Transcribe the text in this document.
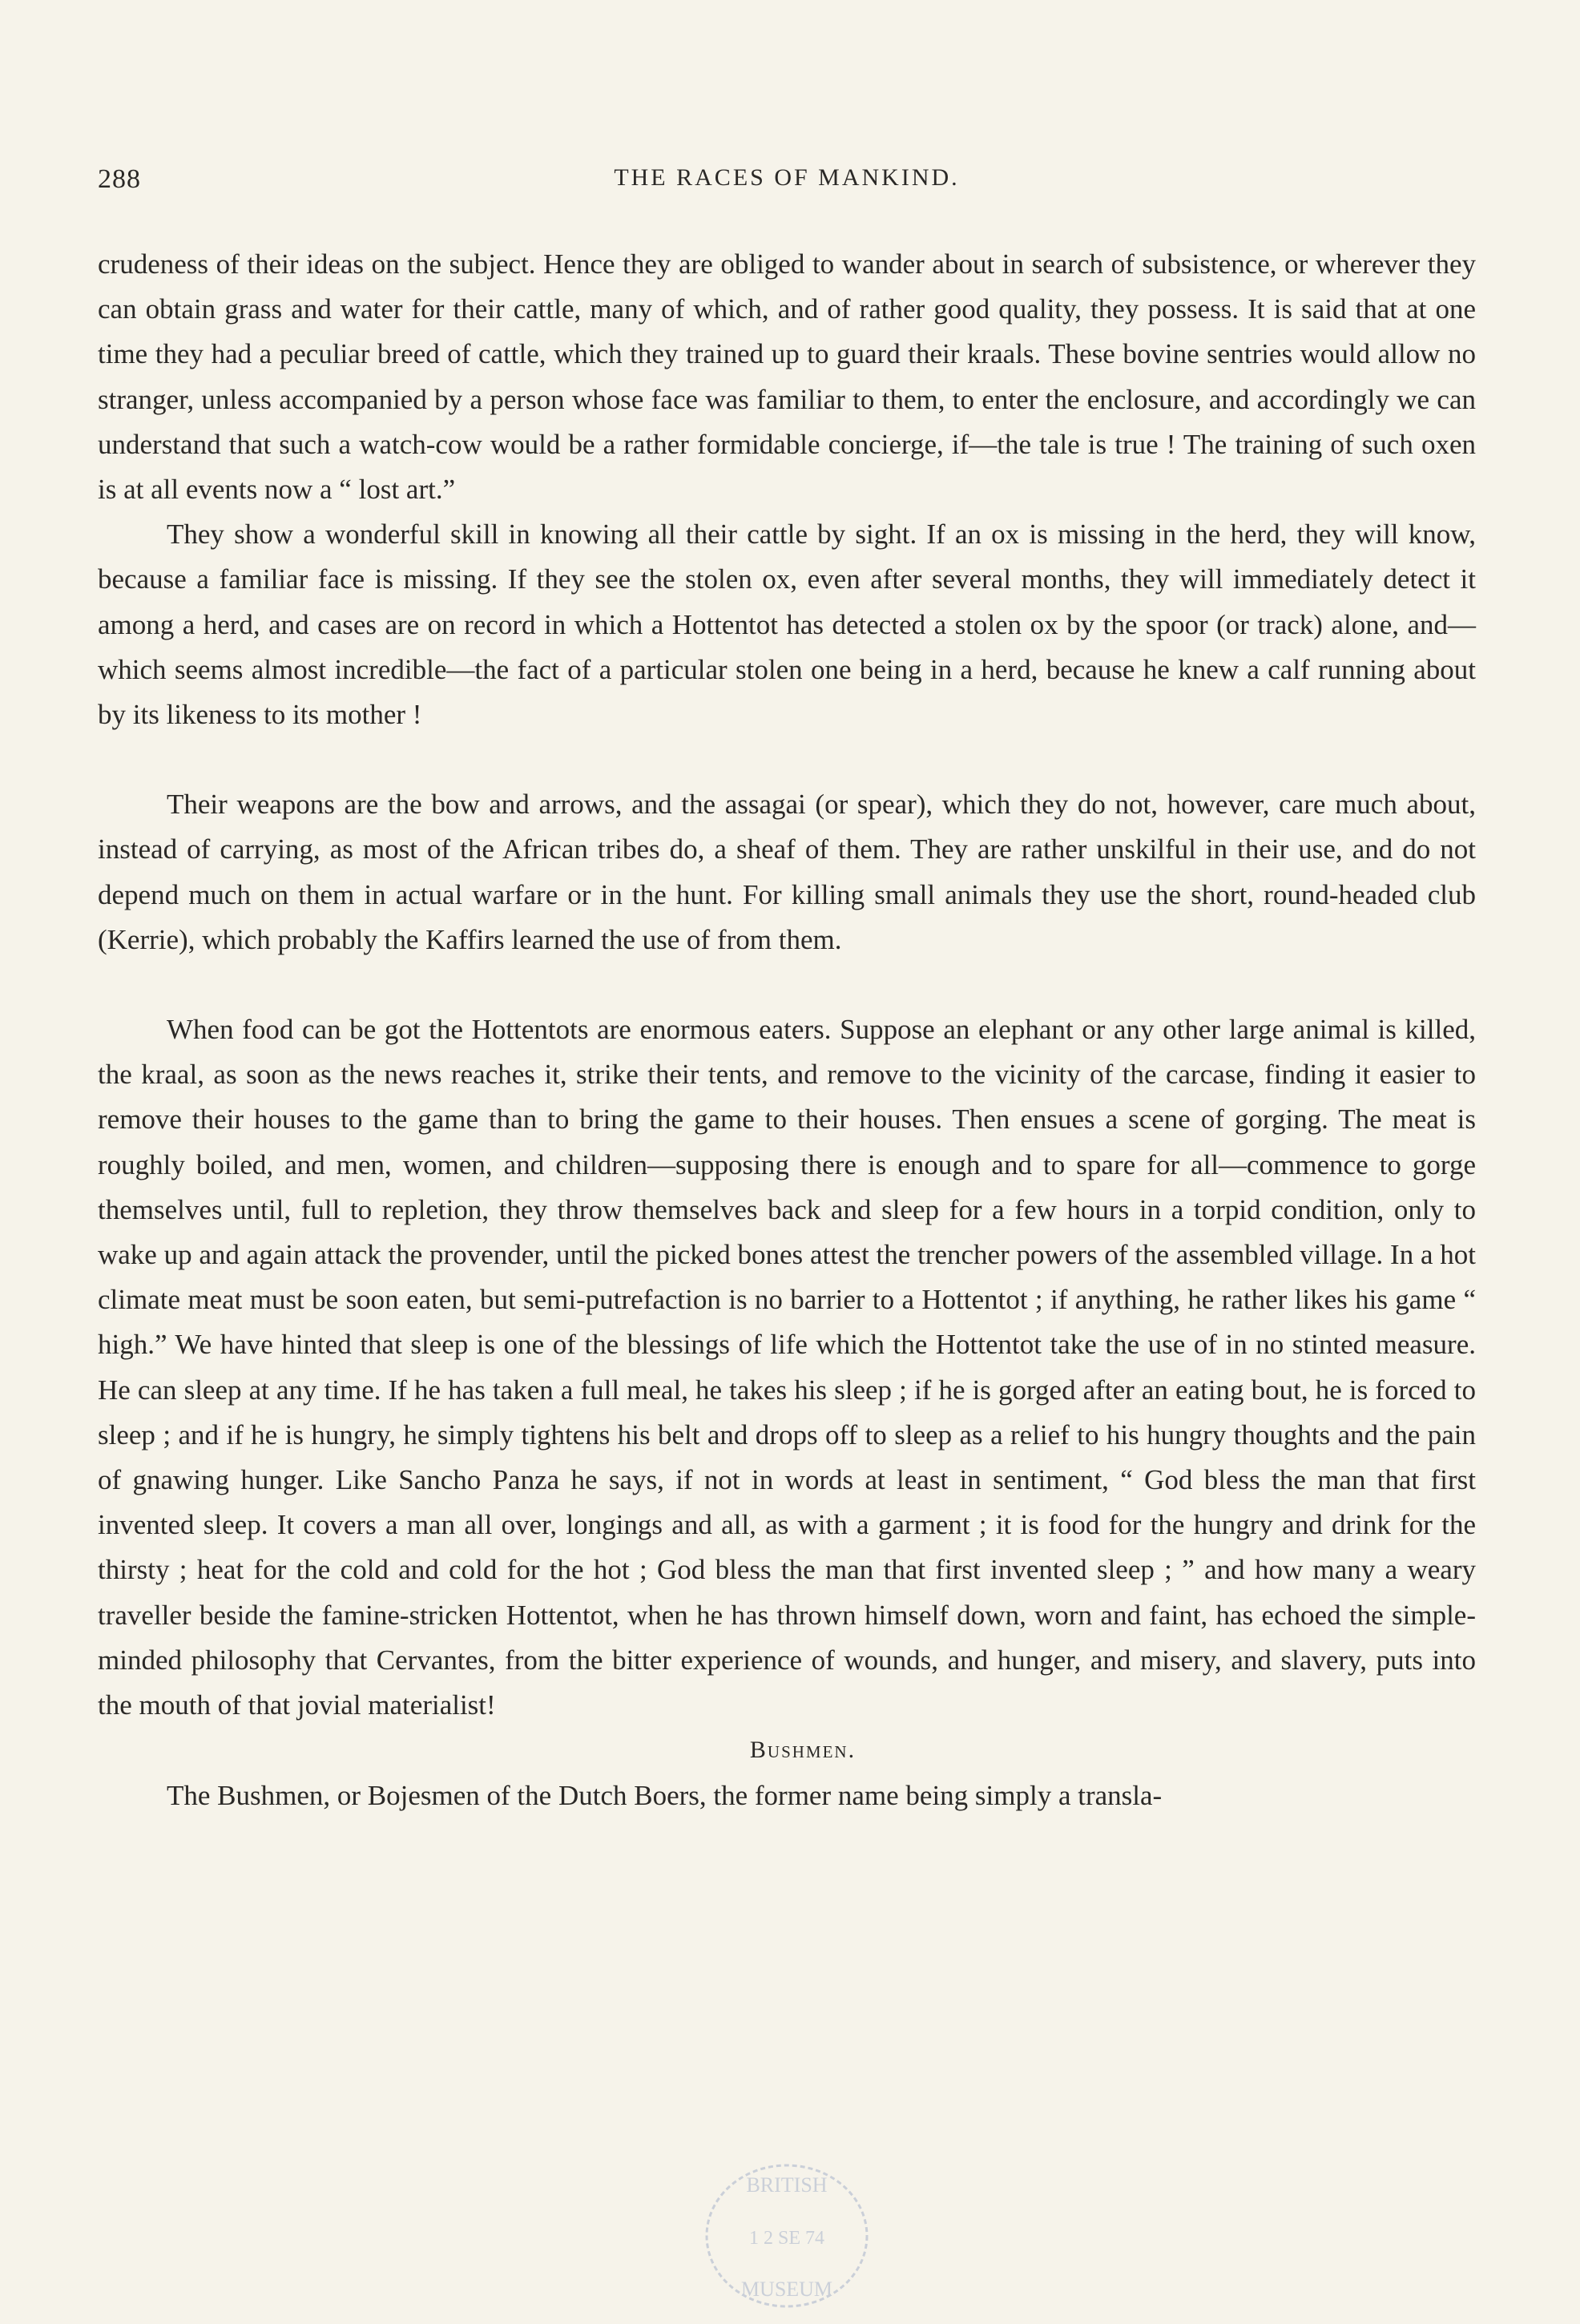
288	THE RACES OF MANKIND.

crudeness of their ideas on the subject. Hence they are obliged to wander about in search of subsistence, or wherever they can obtain grass and water for their cattle, many of which, and of rather good quality, they possess. It is said that at one time they had a peculiar breed of cattle, which they trained up to guard their kraals. These bovine sentries would allow no stranger, unless accompanied by a person whose face was familiar to them, to enter the enclosure, and accordingly we can understand that such a watch-cow would be a rather formidable concierge, if—the tale is true ! The training of such oxen is at all events now a “ lost art.”

They show a wonderful skill in knowing all their cattle by sight. If an ox is missing in the herd, they will know, because a familiar face is missing. If they see the stolen ox, even after several months, they will immediately detect it among a herd, and cases are on record in which a Hottentot has detected a stolen ox by the spoor (or track) alone, and—which seems almost incredible—the fact of a particular stolen one being in a herd, because he knew a calf running about by its likeness to its mother !

Their weapons are the bow and arrows, and the assagai (or spear), which they do not, however, care much about, instead of carrying, as most of the African tribes do, a sheaf of them. They are rather unskilful in their use, and do not depend much on them in actual warfare or in the hunt. For killing small animals they use the short, round-headed club (Kerrie), which probably the Kaffirs learned the use of from them.

When food can be got the Hottentots are enormous eaters. Suppose an elephant or any other large animal is killed, the kraal, as soon as the news reaches it, strike their tents, and remove to the vicinity of the carcase, finding it easier to remove their houses to the game than to bring the game to their houses. Then ensues a scene of gorging. The meat is roughly boiled, and men, women, and children—supposing there is enough and to spare for all—commence to gorge themselves until, full to repletion, they throw themselves back and sleep for a few hours in a torpid condition, only to wake up and again attack the provender, until the picked bones attest the trencher powers of the assembled village. In a hot climate meat must be soon eaten, but semi-putrefaction is no barrier to a Hottentot ; if anything, he rather likes his game “ high.” We have hinted that sleep is one of the blessings of life which the Hottentot take the use of in no stinted measure. He can sleep at any time. If he has taken a full meal, he takes his sleep ; if he is gorged after an eating bout, he is forced to sleep ; and if he is hungry, he simply tightens his belt and drops off to sleep as a relief to his hungry thoughts and the pain of gnawing hunger. Like Sancho Panza he says, if not in words at least in sentiment, “ God bless the man that first invented sleep. It covers a man all over, longings and all, as with a garment ; it is food for the hungry and drink for the thirsty ; heat for the cold and cold for the hot ; God bless the man that first invented sleep ; ” and how many a weary traveller beside the famine-stricken Hottentot, when he has thrown himself down, worn and faint, has echoed the simple-minded philosophy that Cervantes, from the bitter experience of wounds, and hunger, and misery, and slavery, puts into the mouth of that jovial materialist!

Bushmen.

The Bushmen, or Bojesmen of the Dutch Boers, the former name being simply a transla-

BRITISH
1 2 SE 74
MUSEUM
